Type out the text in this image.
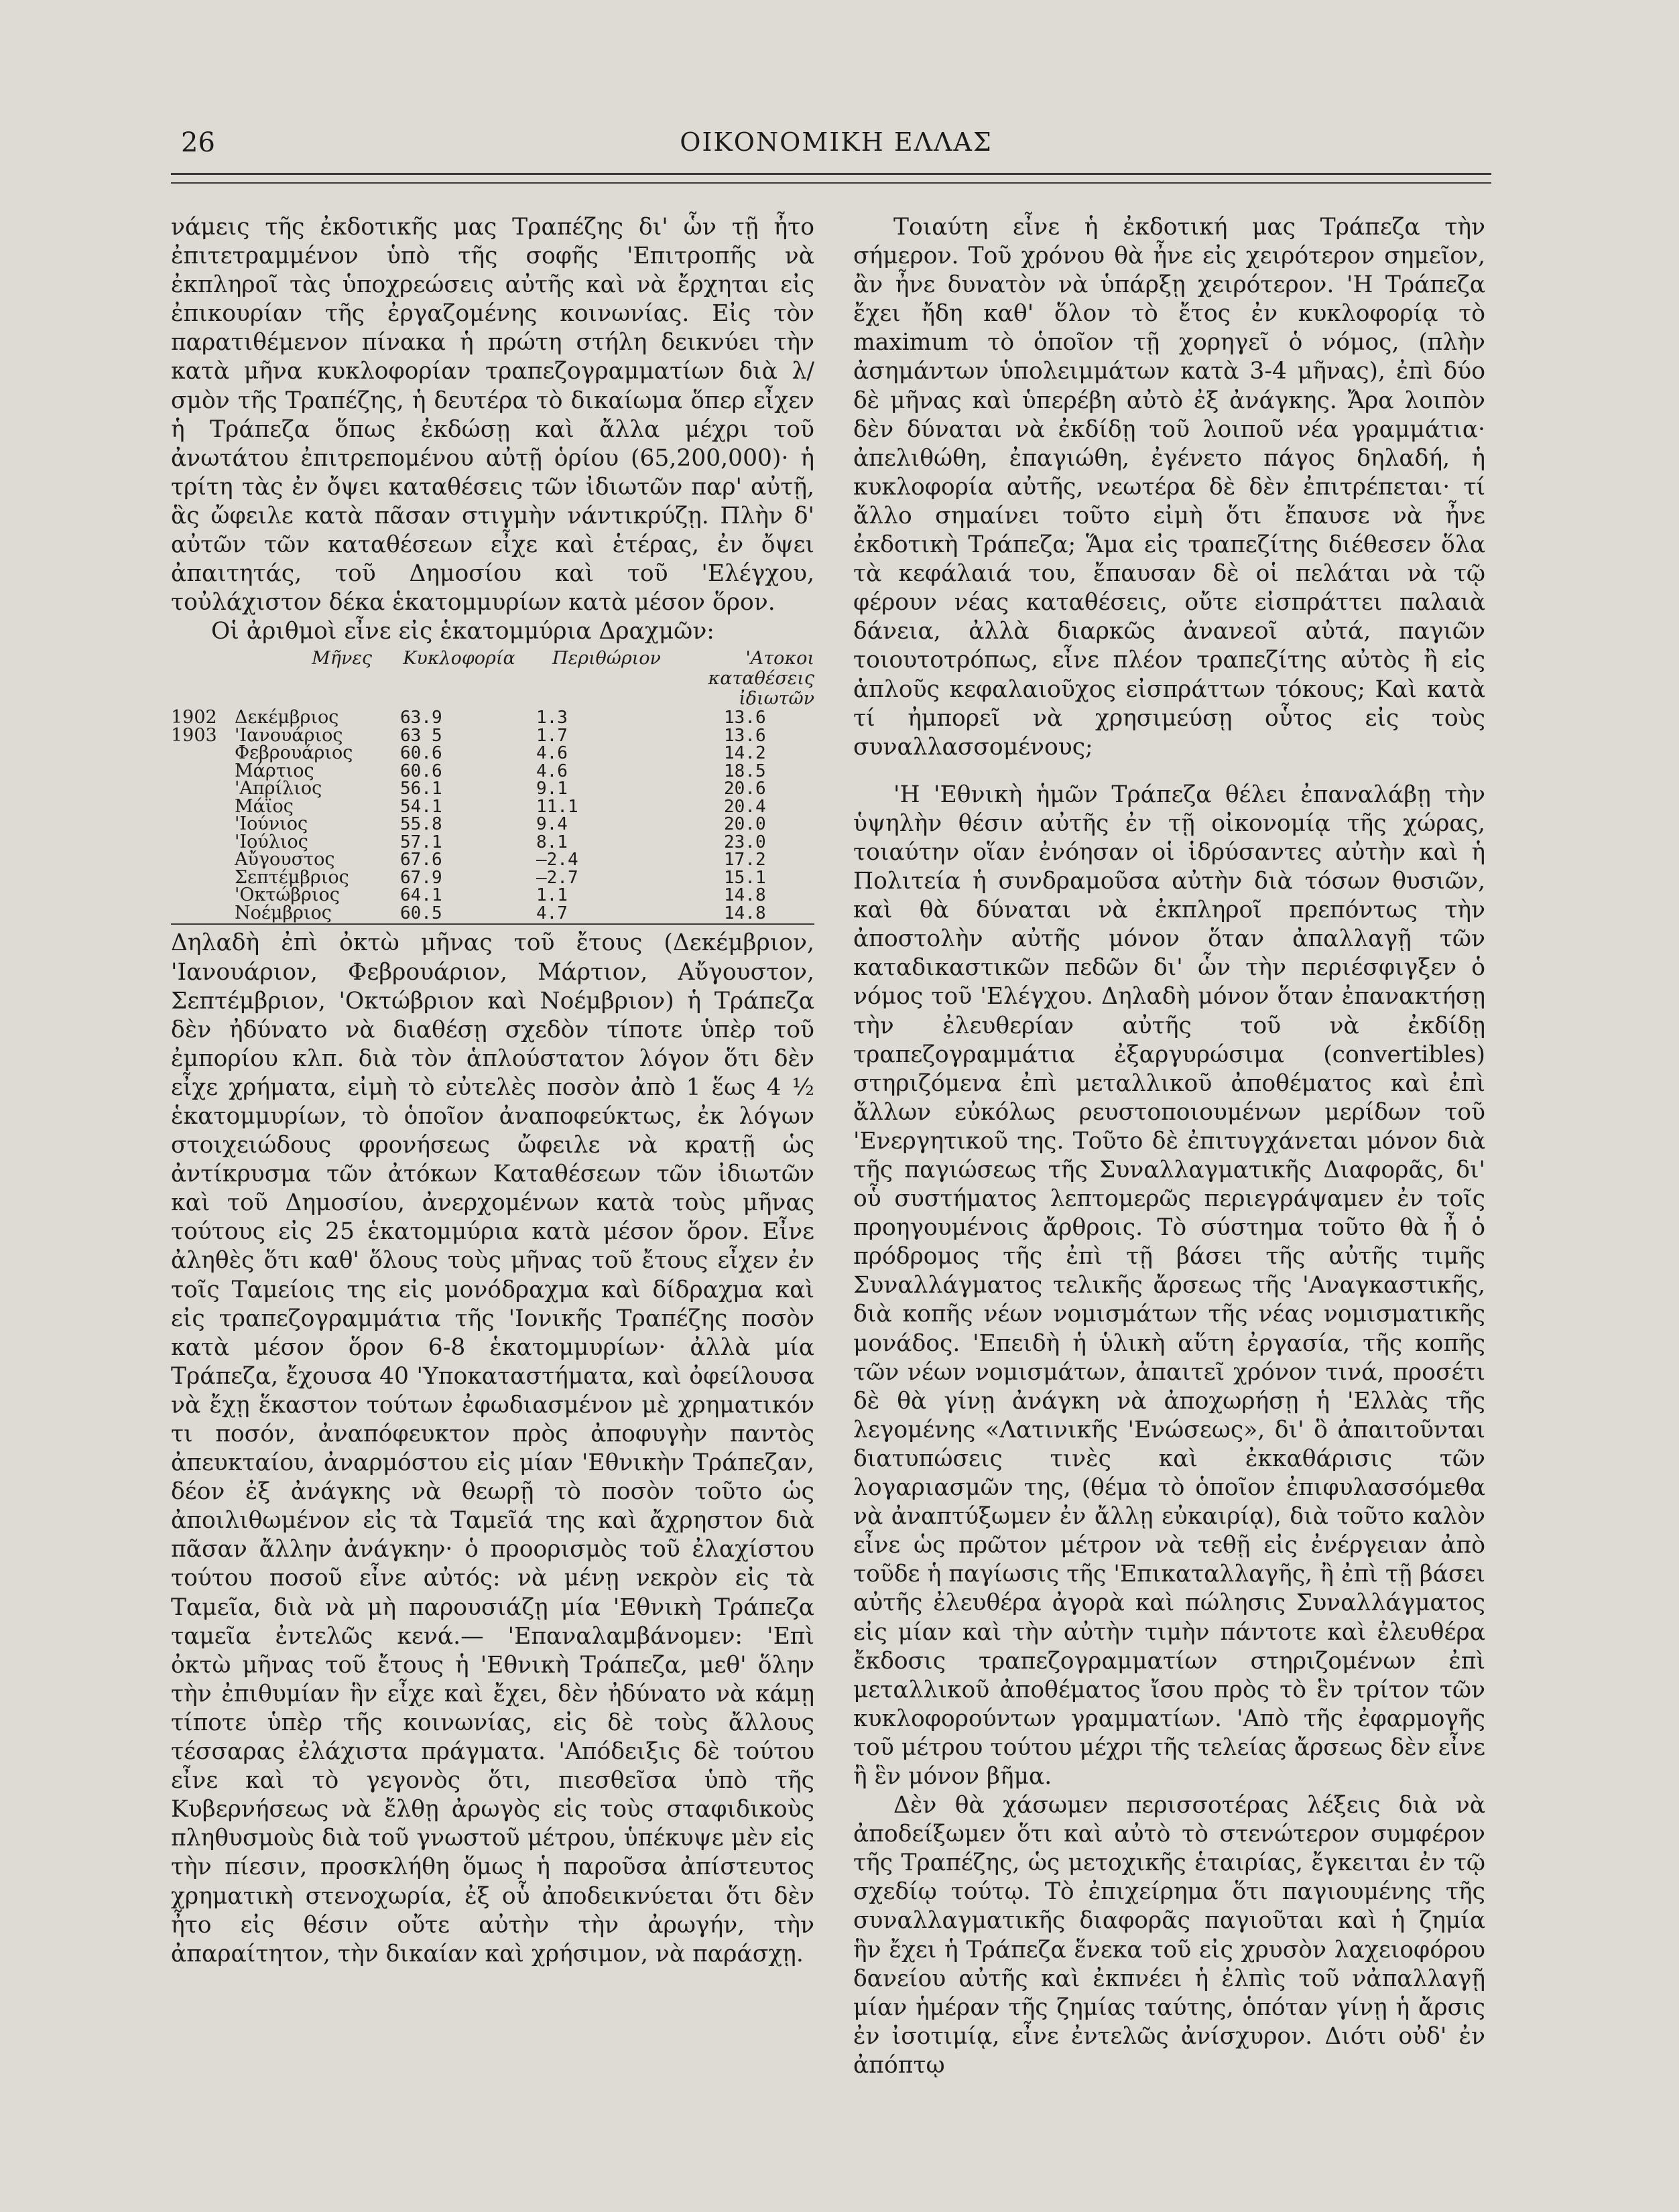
26	ΟΙΚΟΝΟΜΙΚΗ ΕΛΛΑΣ

νάμεις τῆς ἐκδοτικῆς μας Τραπέζης δι' ὧν τῇ ἦτο ἐπιτετραμμένον ὑπὸ τῆς σοφῆς 'Επιτροπῆς νὰ ἐκπληροῖ τὰς ὑποχρεώσεις αὐτῆς καὶ νὰ ἔρχηται εἰς ἐπικουρίαν τῆς ἐργαζομένης κοινωνίας. Εἰς τὸν παρατιθέμενον πίνακα ἡ πρώτη στήλη δεικνύει τὴν κατὰ μῆνα κυκλοφορίαν τραπεζογραμματίων διὰ λ/σμὸν τῆς Τραπέζης, ἡ δευτέρα τὸ δικαίωμα ὅπερ εἶχεν ἡ Τράπεζα ὅπως ἐκδώσῃ καὶ ἄλλα μέχρι τοῦ ἀνωτάτου ἐπιτρεπομένου αὐτῇ ὁρίου (65,200,000)· ἡ τρίτη τὰς ἐν ὄψει καταθέσεις τῶν ἰδιωτῶν παρ' αὐτῇ, ἃς ὤφειλε κατὰ πᾶσαν στιγμὴν νάντικρύζῃ. Πλὴν δ' αὐτῶν τῶν καταθέσεων εἶχε καὶ ἑτέρας, ἐν ὄψει ἀπαιτητάς, τοῦ Δημοσίου καὶ τοῦ 'Ελέγχου, τοὐλάχιστον δέκα ἑκατομμυρίων κατὰ μέσον ὅρον.

Οἱ ἀριθμοὶ εἶνε εἰς ἑκατομμύρια Δραχμῶν:

Μῆνες	Κυκλοφορία	Περιθώριον	'Ατοκοι καταθέσεις ἰδιωτῶν
1902 Δεκέμβριος	63.9	1.3	13.6
1903 'Ιανουάριος	63 5	1.7	13.6
Φεβρουάριος	60.6	4.6	14.2
Μάρτιος	60.6	4.6	18.5
'Απρίλιος	56.1	9.1	20.6
Μάϊος	54.1	11.1	20.4
'Ιούνιος	55.8	9.4	20.0
'Ιούλιος	57.1	8.1	23.0
Αὔγουστος	67.6	—2.4	17.2
Σεπτέμβριος	67.9	—2.7	15.1
'Οκτώβριος	64.1	1.1	14.8
Νοέμβριος	60.5	4.7	14.8

Δηλαδὴ ἐπὶ ὀκτὼ μῆνας τοῦ ἔτους (Δεκέμβριον, 'Ιανουάριον, Φεβρουάριον, Μάρτιον, Αὔγουστον, Σεπτέμβριον, 'Οκτώβριον καὶ Νοέμβριον) ἡ Τράπεζα δὲν ἠδύνατο νὰ διαθέσῃ σχεδὸν τίποτε ὑπὲρ τοῦ ἐμπορίου κλπ. διὰ τὸν ἁπλούστατον λόγον ὅτι δὲν εἶχε χρήματα, εἰμὴ τὸ εὐτελὲς ποσὸν ἀπὸ 1 ἕως 4 ½ ἑκατομμυρίων, τὸ ὁποῖον ἀναποφεύκτως, ἐκ λόγων στοιχειώδους φρονήσεως ὤφειλε νὰ κρατῇ ὡς ἀντίκρυσμα τῶν ἀτόκων Καταθέσεων τῶν ἰδιωτῶν καὶ τοῦ Δημοσίου, ἀνερχομένων κατὰ τοὺς μῆνας τούτους εἰς 25 ἑκατομμύρια κατὰ μέσον ὅρον. Εἶνε ἀληθὲς ὅτι καθ' ὅλους τοὺς μῆνας τοῦ ἔτους εἶχεν ἐν τοῖς Ταμείοις της εἰς μονόδραχμα καὶ δίδραχμα καὶ εἰς τραπεζογραμμάτια τῆς 'Ιονικῆς Τραπέζης ποσὸν κατὰ μέσον ὅρον 6-8 ἑκατομμυρίων· ἀλλὰ μία Τράπεζα, ἔχουσα 40 'Υποκαταστήματα, καὶ ὀφείλουσα νὰ ἔχῃ ἕκαστον τούτων ἐφωδιασμένον μὲ χρηματικόν τι ποσόν, ἀναπόφευκτον πρὸς ἀποφυγὴν παντὸς ἀπευκταίου, ἀναρμόστου εἰς μίαν 'Εθνικὴν Τράπεζαν, δέον ἐξ ἀνάγκης νὰ θεωρῇ τὸ ποσὸν τοῦτο ὡς ἀποιλιθωμένον εἰς τὰ Ταμεῖά της καὶ ἄχρηστον διὰ πᾶσαν ἄλλην ἀνάγκην· ὁ προορισμὸς τοῦ ἐλαχίστου τούτου ποσοῦ εἶνε αὐτός: νὰ μένῃ νεκρὸν εἰς τὰ Ταμεῖα, διὰ νὰ μὴ παρουσιάζῃ μία 'Εθνικὴ Τράπεζα ταμεῖα ἐντελῶς κενά.— 'Επαναλαμβάνομεν: 'Επὶ ὀκτὼ μῆνας τοῦ ἔτους ἡ 'Εθνικὴ Τράπεζα, μεθ' ὅλην τὴν ἐπιθυμίαν ἣν εἶχε καὶ ἔχει, δὲν ἠδύνατο νὰ κάμῃ τίποτε ὑπὲρ τῆς κοινωνίας, εἰς δὲ τοὺς ἄλλους τέσσαρας ἐλάχιστα πράγματα. 'Απόδειξις δὲ τούτου εἶνε καὶ τὸ γεγονὸς ὅτι, πιεσθεῖσα ὑπὸ τῆς Κυβερνήσεως νὰ ἔλθῃ ἀρωγὸς εἰς τοὺς σταφιδικοὺς πληθυσμοὺς διὰ τοῦ γνωστοῦ μέτρου, ὑπέκυψε μὲν εἰς τὴν πίεσιν, προσκλήθη ὅμως ἡ παροῦσα ἀπίστευτος χρηματικὴ στενοχωρία, ἐξ οὗ ἀποδεικνύεται ὅτι δὲν ἦτο εἰς θέσιν οὔτε αὐτὴν τὴν ἀρωγήν, τὴν ἀπαραίτητον, τὴν δικαίαν καὶ χρήσιμον, νὰ παράσχῃ.

Τοιαύτη εἶνε ἡ ἐκδοτική μας Τράπεζα τὴν σήμερον. Τοῦ χρόνου θὰ ἦνε εἰς χειρότερον σημεῖον, ἂν ἦνε δυνατὸν νὰ ὑπάρξῃ χειρότερον. 'Η Τράπεζα ἔχει ἤδη καθ' ὅλον τὸ ἔτος ἐν κυκλοφορίᾳ τὸ maximum τὸ ὁποῖον τῇ χορηγεῖ ὁ νόμος, (πλὴν ἀσημάντων ὑπολειμμάτων κατὰ 3-4 μῆνας), ἐπὶ δύο δὲ μῆνας καὶ ὑπερέβη αὐτὸ ἐξ ἀνάγκης. Ἄρα λοιπὸν δὲν δύναται νὰ ἐκδίδῃ τοῦ λοιποῦ νέα γραμμάτια· ἀπελιθώθη, ἐπαγιώθη, ἐγένετο πάγος δηλαδή, ἡ κυκλοφορία αὐτῆς, νεωτέρα δὲ δὲν ἐπιτρέπεται· τί ἄλλο σημαίνει τοῦτο εἰμὴ ὅτι ἔπαυσε νὰ ἦνε ἐκδοτικὴ Τράπεζα; Ἅμα εἰς τραπεζίτης διέθεσεν ὅλα τὰ κεφάλαιά του, ἔπαυσαν δὲ οἱ πελάται νὰ τῷ φέρουν νέας καταθέσεις, οὔτε εἰσπράττει παλαιὰ δάνεια, ἀλλὰ διαρκῶς ἀνανεοῖ αὐτά, παγιῶν τοιουτοτρόπως, εἶνε πλέον τραπεζίτης αὐτὸς ἢ εἰς ἁπλοῦς κεφαλαιοῦχος εἰσπράττων τόκους; Καὶ κατὰ τί ἠμπορεῖ νὰ χρησιμεύσῃ οὗτος εἰς τοὺς συναλλασσομένους;

'Η 'Εθνικὴ ἡμῶν Τράπεζα θέλει ἐπαναλάβῃ τὴν ὑψηλὴν θέσιν αὐτῆς ἐν τῇ οἰκονομίᾳ τῆς χώρας, τοιαύτην οἵαν ἐνόησαν οἱ ἱδρύσαντες αὐτὴν καὶ ἡ Πολιτεία ἡ συνδραμοῦσα αὐτὴν διὰ τόσων θυσιῶν, καὶ θὰ δύναται νὰ ἐκπληροῖ πρεπόντως τὴν ἀποστολὴν αὐτῆς μόνον ὅταν ἀπαλλαγῇ τῶν καταδικαστικῶν πεδῶν δι' ὧν τὴν περιέσφιγξεν ὁ νόμος τοῦ 'Ελέγχου. Δηλαδὴ μόνον ὅταν ἐπανακτήσῃ τὴν ἐλευθερίαν αὐτῆς τοῦ νὰ ἐκδίδῃ τραπεζογραμμάτια ἐξαργυρώσιμα (convertibles) στηριζόμενα ἐπὶ μεταλλικοῦ ἀποθέματος καὶ ἐπὶ ἄλλων εὐκόλως ρευστοποιουμένων μερίδων τοῦ 'Ενεργητικοῦ της. Τοῦτο δὲ ἐπιτυγχάνεται μόνον διὰ τῆς παγιώσεως τῆς Συναλλαγματικῆς Διαφορᾶς, δι' οὗ συστήματος λεπτομερῶς περιεγράψαμεν ἐν τοῖς προηγουμένοις ἄρθροις. Τὸ σύστημα τοῦτο θὰ ἦ ὁ πρόδρομος τῆς ἐπὶ τῇ βάσει τῆς αὐτῆς τιμῆς Συναλλάγματος τελικῆς ἄρσεως τῆς 'Αναγκαστικῆς, διὰ κοπῆς νέων νομισμάτων τῆς νέας νομισματικῆς μονάδος. 'Επειδὴ ἡ ὑλικὴ αὕτη ἐργασία, τῆς κοπῆς τῶν νέων νομισμάτων, ἀπαιτεῖ χρόνον τινά, προσέτι δὲ θὰ γίνῃ ἀνάγκη νὰ ἀποχωρήσῃ ἡ 'Ελλὰς τῆς λεγομένης «Λατινικῆς 'Ενώσεως», δι' ὃ ἀπαιτοῦνται διατυπώσεις τινὲς καὶ ἐκκαθάρισις τῶν λογαριασμῶν της, (θέμα τὸ ὁποῖον ἐπιφυλασσόμεθα νὰ ἀναπτύξωμεν ἐν ἄλλῃ εὐκαιρίᾳ), διὰ τοῦτο καλὸν εἶνε ὡς πρῶτον μέτρον νὰ τεθῇ εἰς ἐνέργειαν ἀπὸ τοῦδε ἡ παγίωσις τῆς 'Επικαταλλαγῆς, ἢ ἐπὶ τῇ βάσει αὐτῆς ἐλευθέρα ἀγορὰ καὶ πώλησις Συναλλάγματος εἰς μίαν καὶ τὴν αὐτὴν τιμὴν πάντοτε καὶ ἐλευθέρα ἔκδοσις τραπεζογραμματίων στηριζομένων ἐπὶ μεταλλικοῦ ἀποθέματος ἴσου πρὸς τὸ ἓν τρίτον τῶν κυκλοφορούντων γραμματίων. 'Απὸ τῆς ἐφαρμογῆς τοῦ μέτρου τούτου μέχρι τῆς τελείας ἄρσεως δὲν εἶνε ἢ ἓν μόνον βῆμα.

Δὲν θὰ χάσωμεν περισσοτέρας λέξεις διὰ νὰ ἀποδείξωμεν ὅτι καὶ αὐτὸ τὸ στενώτερον συμφέρον τῆς Τραπέζης, ὡς μετοχικῆς ἑταιρίας, ἔγκειται ἐν τῷ σχεδίῳ τούτῳ. Τὸ ἐπιχείρημα ὅτι παγιουμένης τῆς συναλλαγματικῆς διαφορᾶς παγιοῦται καὶ ἡ ζημία ἣν ἔχει ἡ Τράπεζα ἕνεκα τοῦ εἰς χρυσὸν λαχειοφόρου δανείου αὐτῆς καὶ ἐκπνέει ἡ ἐλπὶς τοῦ νἀπαλλαγῇ μίαν ἡμέραν τῆς ζημίας ταύτης, ὁπόταν γίνῃ ἡ ἄρσις ἐν ἰσοτιμίᾳ, εἶνε ἐντελῶς ἀνίσχυρον. Διότι οὐδ' ἐν ἀπόπτῳ
